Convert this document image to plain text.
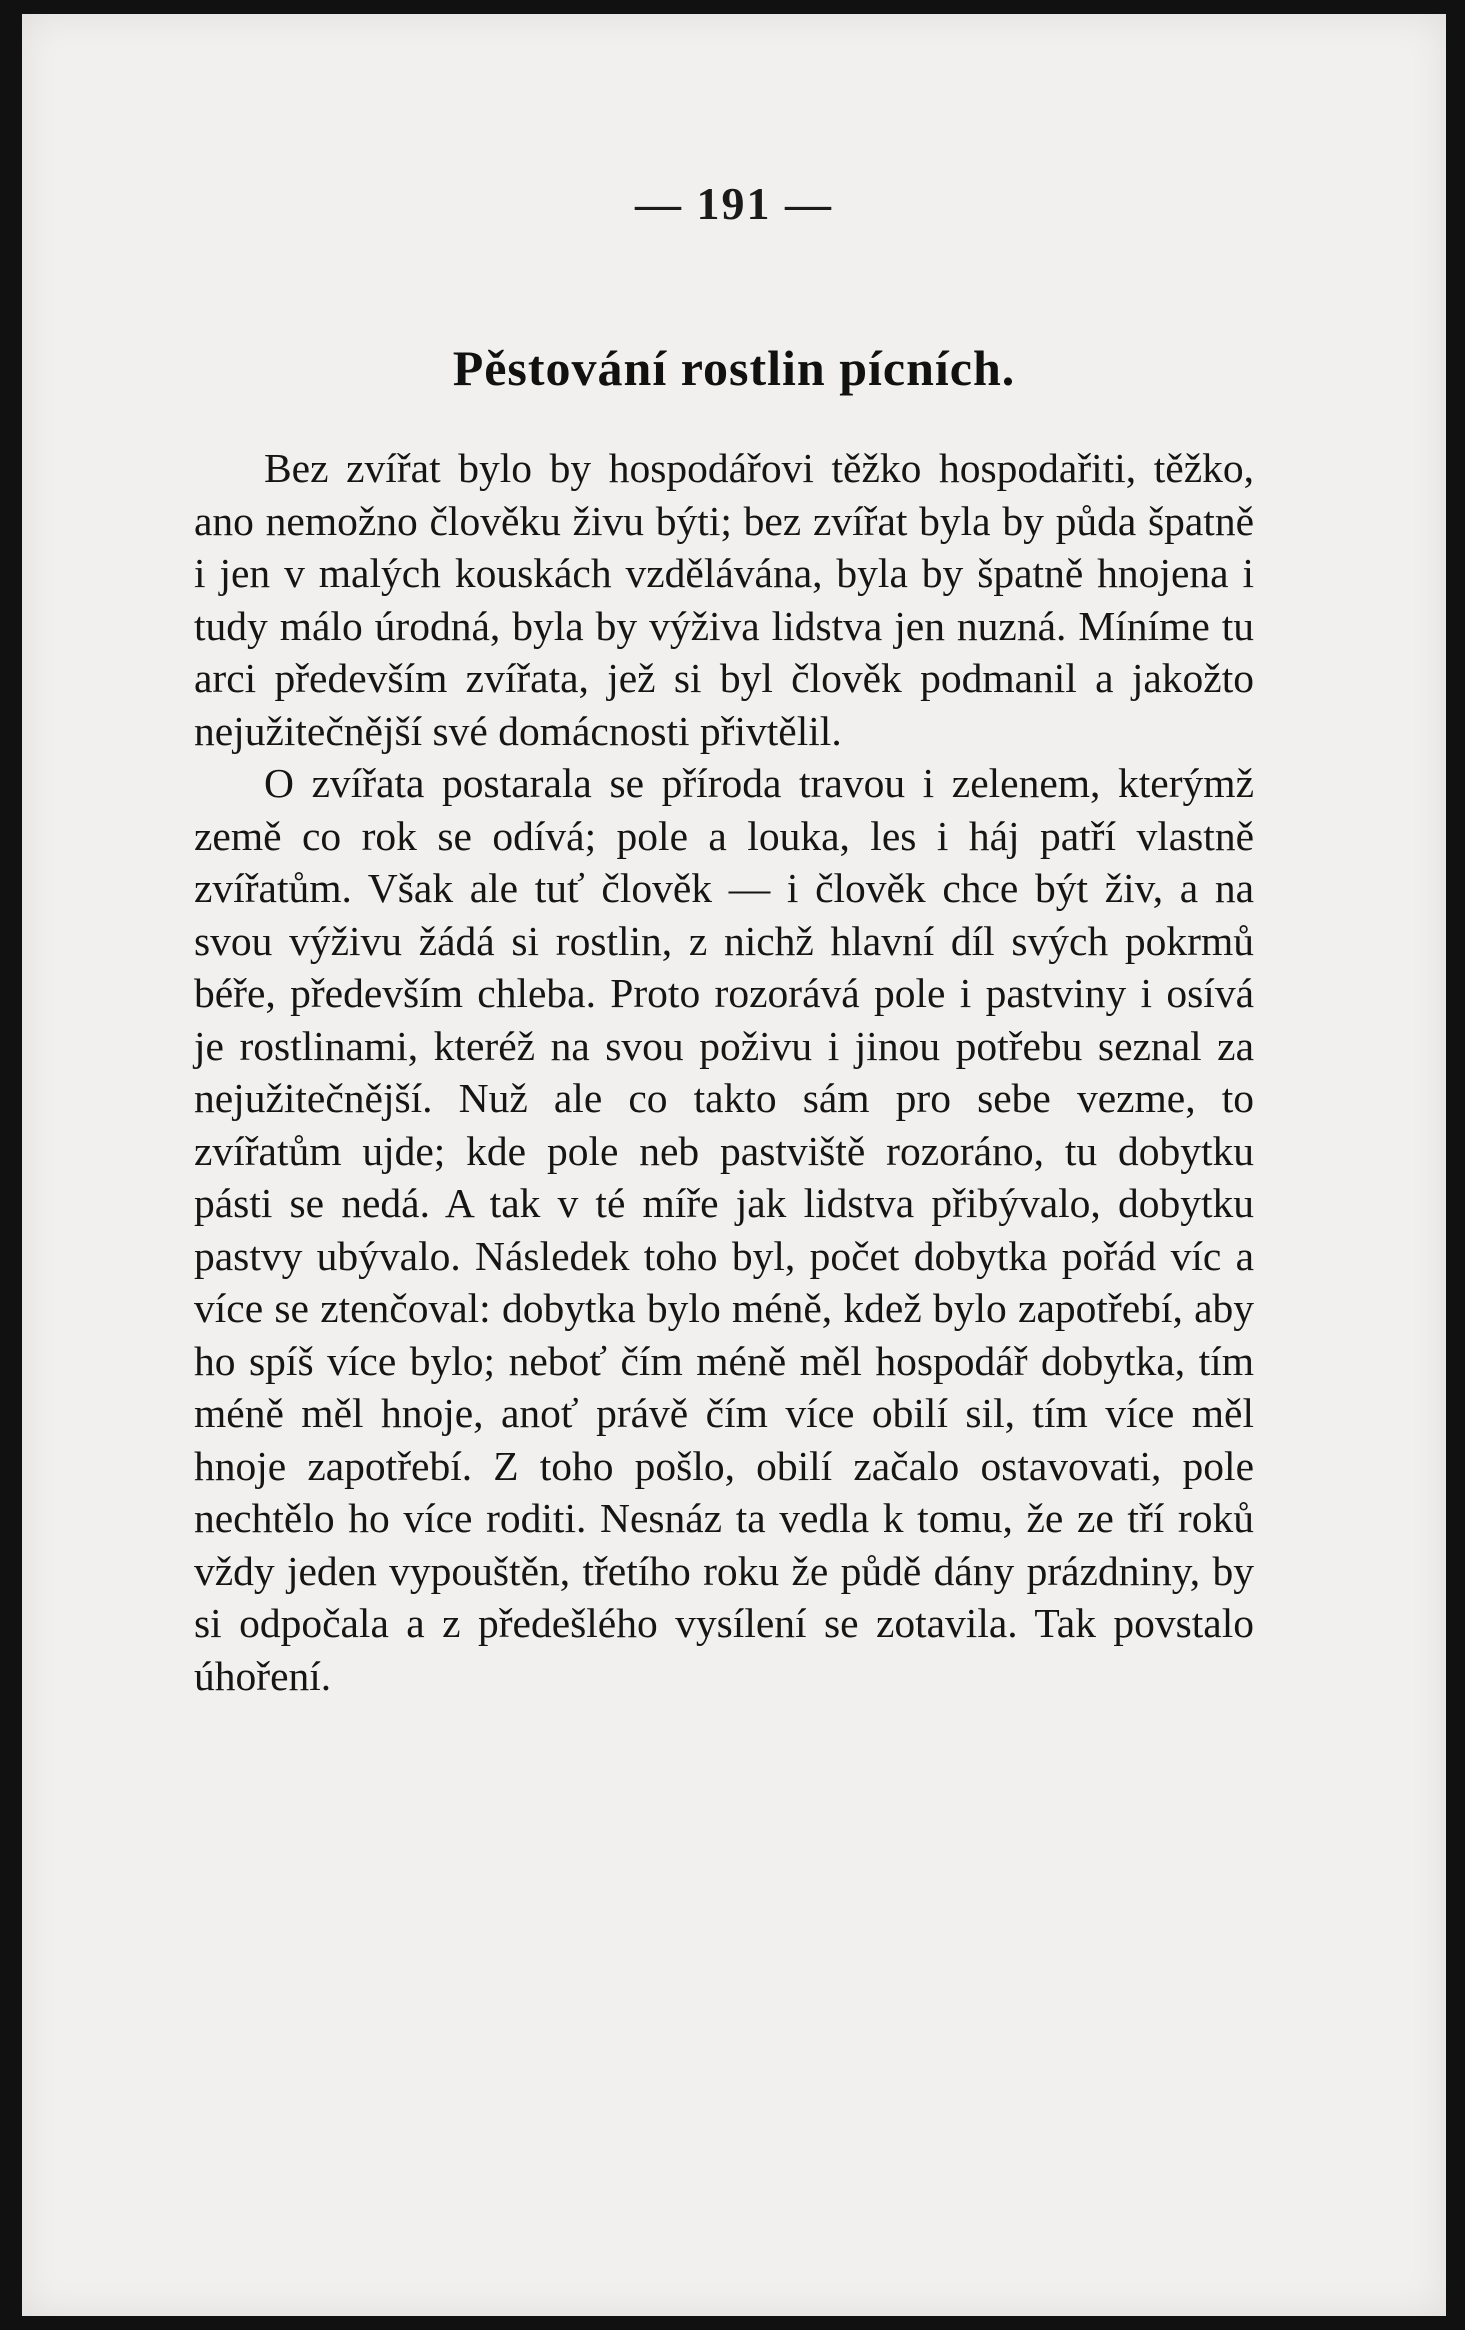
— 191 —

Pěstování rostlin pícních.

Bez zvířat bylo by hospodářovi těžko hospodařiti, těžko, ano nemožno člověku živu býti; bez zvířat byla by půda špatně i jen v malých kouskách vzdělávána, byla by špatně hnojena i tudy málo úrodná, byla by výživa lidstva jen nuzná. Míníme tu arci především zvířata, jež si byl člověk podmanil a jakožto nejužitečnější své domácnosti přivtělil.

O zvířata postarala se příroda travou i zelenem, kterýmž země co rok se odívá; pole a louka, les i háj patří vlastně zvířatům. Však ale tuť člověk — i člověk chce být živ, a na svou výživu žádá si rostlin, z nichž hlavní díl svých pokrmů béře, především chleba. Proto rozorává pole i pastviny i osívá je rostlinami, kteréž na svou poživu i jinou potřebu seznal za nejužitečnější. Nuž ale co takto sám pro sebe vezme, to zvířatům ujde; kde pole neb pastviště rozoráno, tu dobytku pásti se nedá. A tak v té míře jak lidstva přibývalo, dobytku pastvy ubývalo. Následek toho byl, počet dobytka pořád víc a více se ztenčoval: dobytka bylo méně, kdež bylo zapotřebí, aby ho spíš více bylo; neboť čím méně měl hospodář dobytka, tím méně měl hnoje, anoť právě čím více obilí sil, tím více měl hnoje zapotřebí. Z toho pošlo, obilí začalo ostavovati, pole nechtělo ho více roditi. Nesnáz ta vedla k tomu, že ze tří roků vždy jeden vypouštěn, třetího roku že půdě dány prázdniny, by si odpočala a z předešlého vysílení se zotavila. Tak povstalo úhoření.
